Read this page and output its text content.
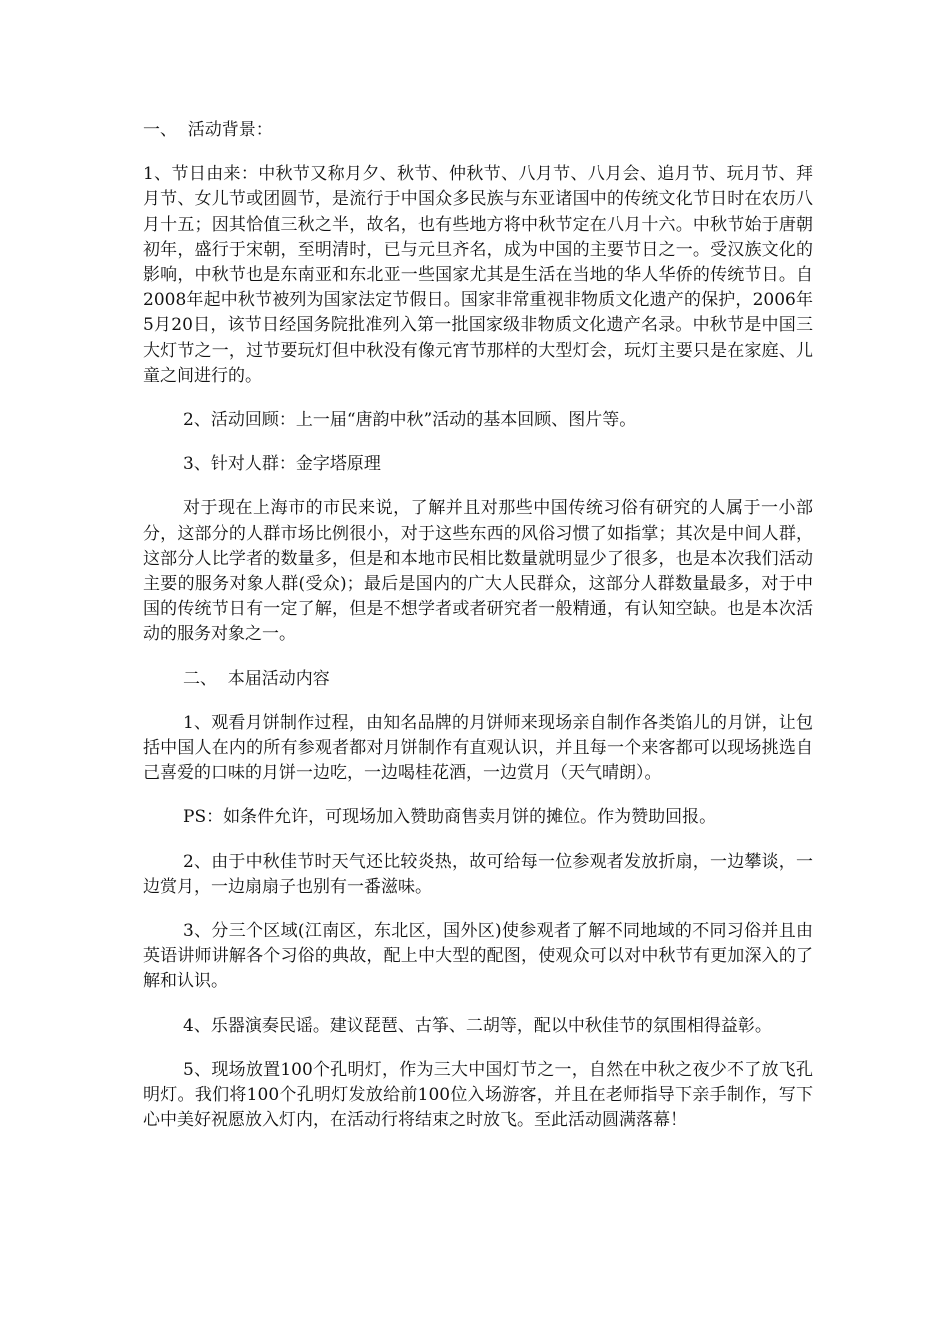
一、  活动背景：

1、节日由来：中秋节又称月夕、秋节、仲秋节、八月节、八月会、追月节、玩月节、拜月节、女儿节或团圆节，是流行于中国众多民族与东亚诸国中的传统文化节日时在农历八月十五；因其恰值三秋之半，故名，也有些地方将中秋节定在八月十六。中秋节始于唐朝初年，盛行于宋朝，至明清时，已与元旦齐名，成为中国的主要节日之一。受汉族文化的影响，中秋节也是东南亚和东北亚一些国家尤其是生活在当地的华人华侨的传统节日。自2008年起中秋节被列为国家法定节假日。国家非常重视非物质文化遗产的保护，2006年5月20日，该节日经国务院批准列入第一批国家级非物质文化遗产名录。中秋节是中国三大灯节之一，过节要玩灯但中秋没有像元宵节那样的大型灯会，玩灯主要只是在家庭、儿童之间进行的。

2、活动回顾：上一届“唐韵中秋”活动的基本回顾、图片等。

3、针对人群：金字塔原理

对于现在上海市的市民来说，了解并且对那些中国传统习俗有研究的人属于一小部分，这部分的人群市场比例很小，对于这些东西的风俗习惯了如指掌；其次是中间人群，这部分人比学者的数量多，但是和本地市民相比数量就明显少了很多，也是本次我们活动主要的服务对象人群(受众)；最后是国内的广大人民群众，这部分人群数量最多，对于中国的传统节日有一定了解，但是不想学者或者研究者一般精通，有认知空缺。也是本次活动的服务对象之一。

二、  本届活动内容

1、观看月饼制作过程，由知名品牌的月饼师来现场亲自制作各类馅儿的月饼，让包括中国人在内的所有参观者都对月饼制作有直观认识，并且每一个来客都可以现场挑选自己喜爱的口味的月饼一边吃，一边喝桂花酒，一边赏月（天气晴朗）。

PS：如条件允许，可现场加入赞助商售卖月饼的摊位。作为赞助回报。

2、由于中秋佳节时天气还比较炎热，故可给每一位参观者发放折扇，一边攀谈，一边赏月，一边扇扇子也别有一番滋味。

3、分三个区域(江南区，东北区，国外区)使参观者了解不同地域的不同习俗并且由英语讲师讲解各个习俗的典故，配上中大型的配图，使观众可以对中秋节有更加深入的了解和认识。

4、乐器演奏民谣。建议琵琶、古筝、二胡等，配以中秋佳节的氛围相得益彰。

5、现场放置100个孔明灯，作为三大中国灯节之一，自然在中秋之夜少不了放飞孔明灯。我们将100个孔明灯发放给前100位入场游客，并且在老师指导下亲手制作，写下心中美好祝愿放入灯内，在活动行将结束之时放飞。至此活动圆满落幕！
